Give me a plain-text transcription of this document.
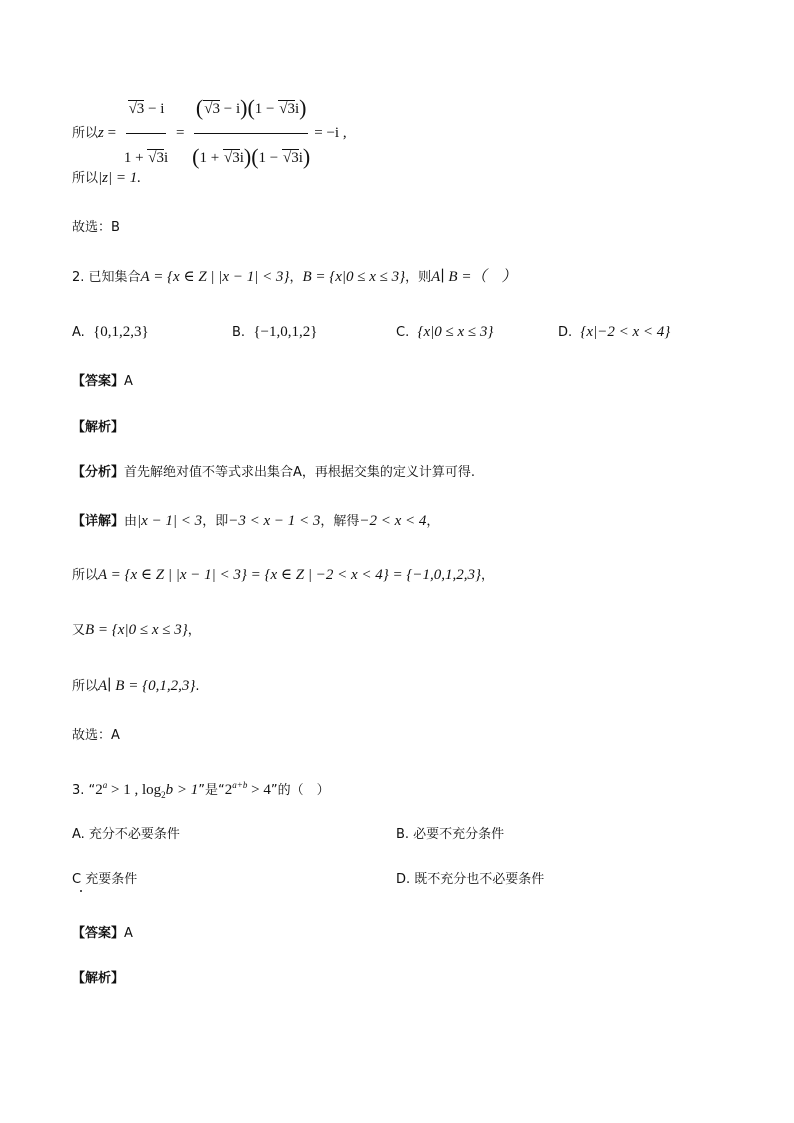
所以$z = \frac{√3 - i}{1 + √3i} = \frac{(√3 - i)(1 - √3i)}{(1 + √3i)(1 - √3i)} = -i$ ,
所以|z| = 1.
故选：B
2. 已知集合A = {x ∈ Z | |x − 1| < 3}，B = {x|0 ≤ x ≤ 3}，则A∣ B =（　）
A. {0,1,2,3}	B. {−1,0,1,2}	C. {x|0 ≤ x ≤ 3}	D. {x|−2 < x < 4}
【答案】A
【解析】
【分析】首先解绝对值不等式求出集合A，再根据交集的定义计算可得.
【详解】由|x − 1| < 3，即−3 < x − 1 < 3，解得−2 < x < 4，
所以A = {x ∈ Z | |x − 1| < 3} = {x ∈ Z | −2 < x < 4} = {−1,0,1,2,3}，
又B = {x|0 ≤ x ≤ 3}，
所以A∣ B = {0,1,2,3}.
故选：A
3. “$2^a > 1$ , $\log_2b > 1$”是“$2^{a+b} > 4$”的（　）
A. 充分不必要条件	B. 必要不充分条件
C 充要条件	D. 既不充分也不必要条件
【答案】A
【解析】
